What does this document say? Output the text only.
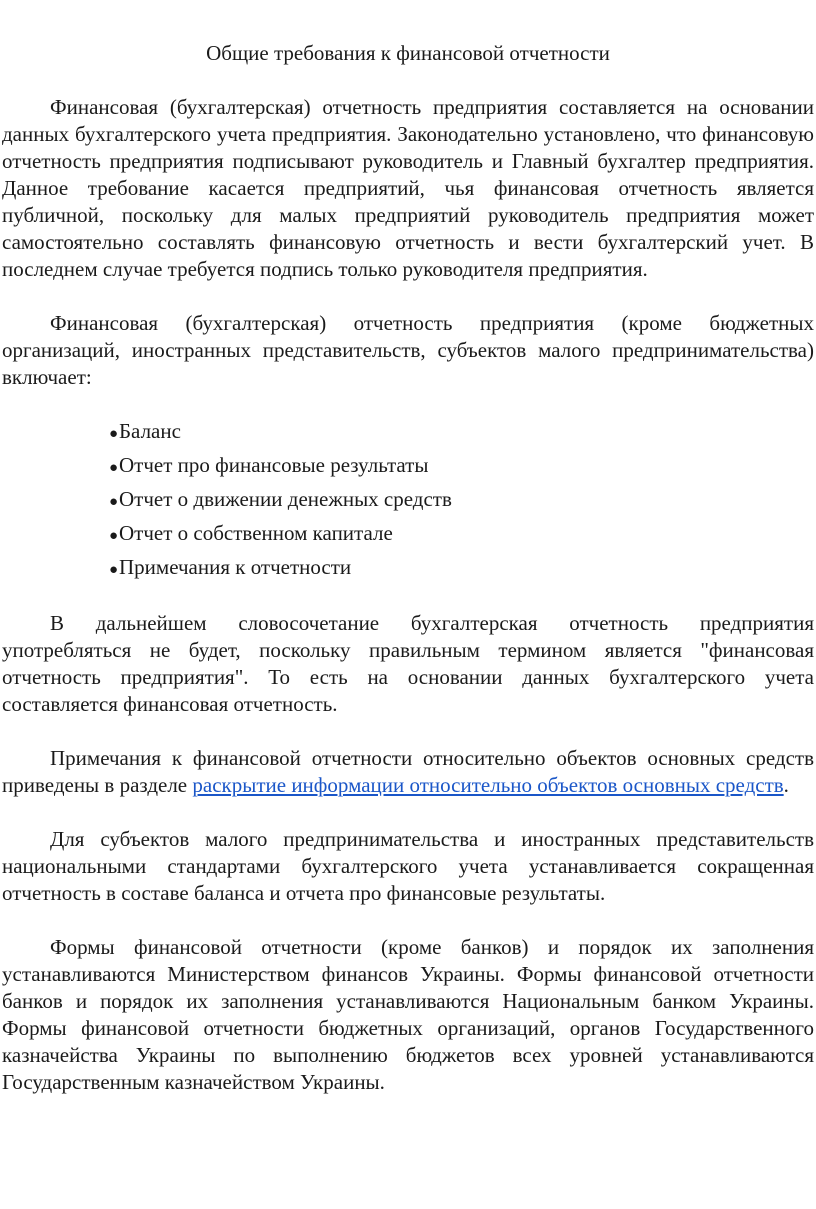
Общие требования к финансовой отчетности

Финансовая (бухгалтерская) отчетность предприятия составляется на основании данных бухгалтерского учета предприятия. Законодательно установлено, что финансовую отчетность предприятия подписывают руководитель и Главный бухгалтер предприятия. Данное требование касается предприятий, чья финансовая отчетность является публичной, поскольку для малых предприятий руководитель предприятия может самостоятельно составлять финансовую отчетность и вести бухгалтерский учет. В последнем случае требуется подпись только руководителя предприятия.

Финансовая (бухгалтерская) отчетность предприятия (кроме бюджетных организаций, иностранных представительств, субъектов малого предпринимательства) включает:

●Баланс
●Отчет про финансовые результаты
●Отчет о движении денежных средств
●Отчет о собственном капитале
●Примечания к отчетности

В дальнейшем словосочетание бухгалтерская отчетность предприятия употребляться не будет, поскольку правильным термином является "финансовая отчетность предприятия". То есть на основании данных бухгалтерского учета составляется финансовая отчетность.

Примечания к финансовой отчетности относительно объектов основных средств приведены в разделе раскрытие информации относительно объектов основных средств.

Для субъектов малого предпринимательства и иностранных представительств национальными стандартами бухгалтерского учета устанавливается сокращенная отчетность в составе баланса и отчета про финансовые результаты.

Формы финансовой отчетности (кроме банков) и порядок их заполнения устанавливаются Министерством финансов Украины. Формы финансовой отчетности банков и порядок их заполнения устанавливаются Национальным банком Украины. Формы финансовой отчетности бюджетных организаций, органов Государственного казначейства Украины по выполнению бюджетов всех уровней устанавливаются Государственным казначейством Украины.
